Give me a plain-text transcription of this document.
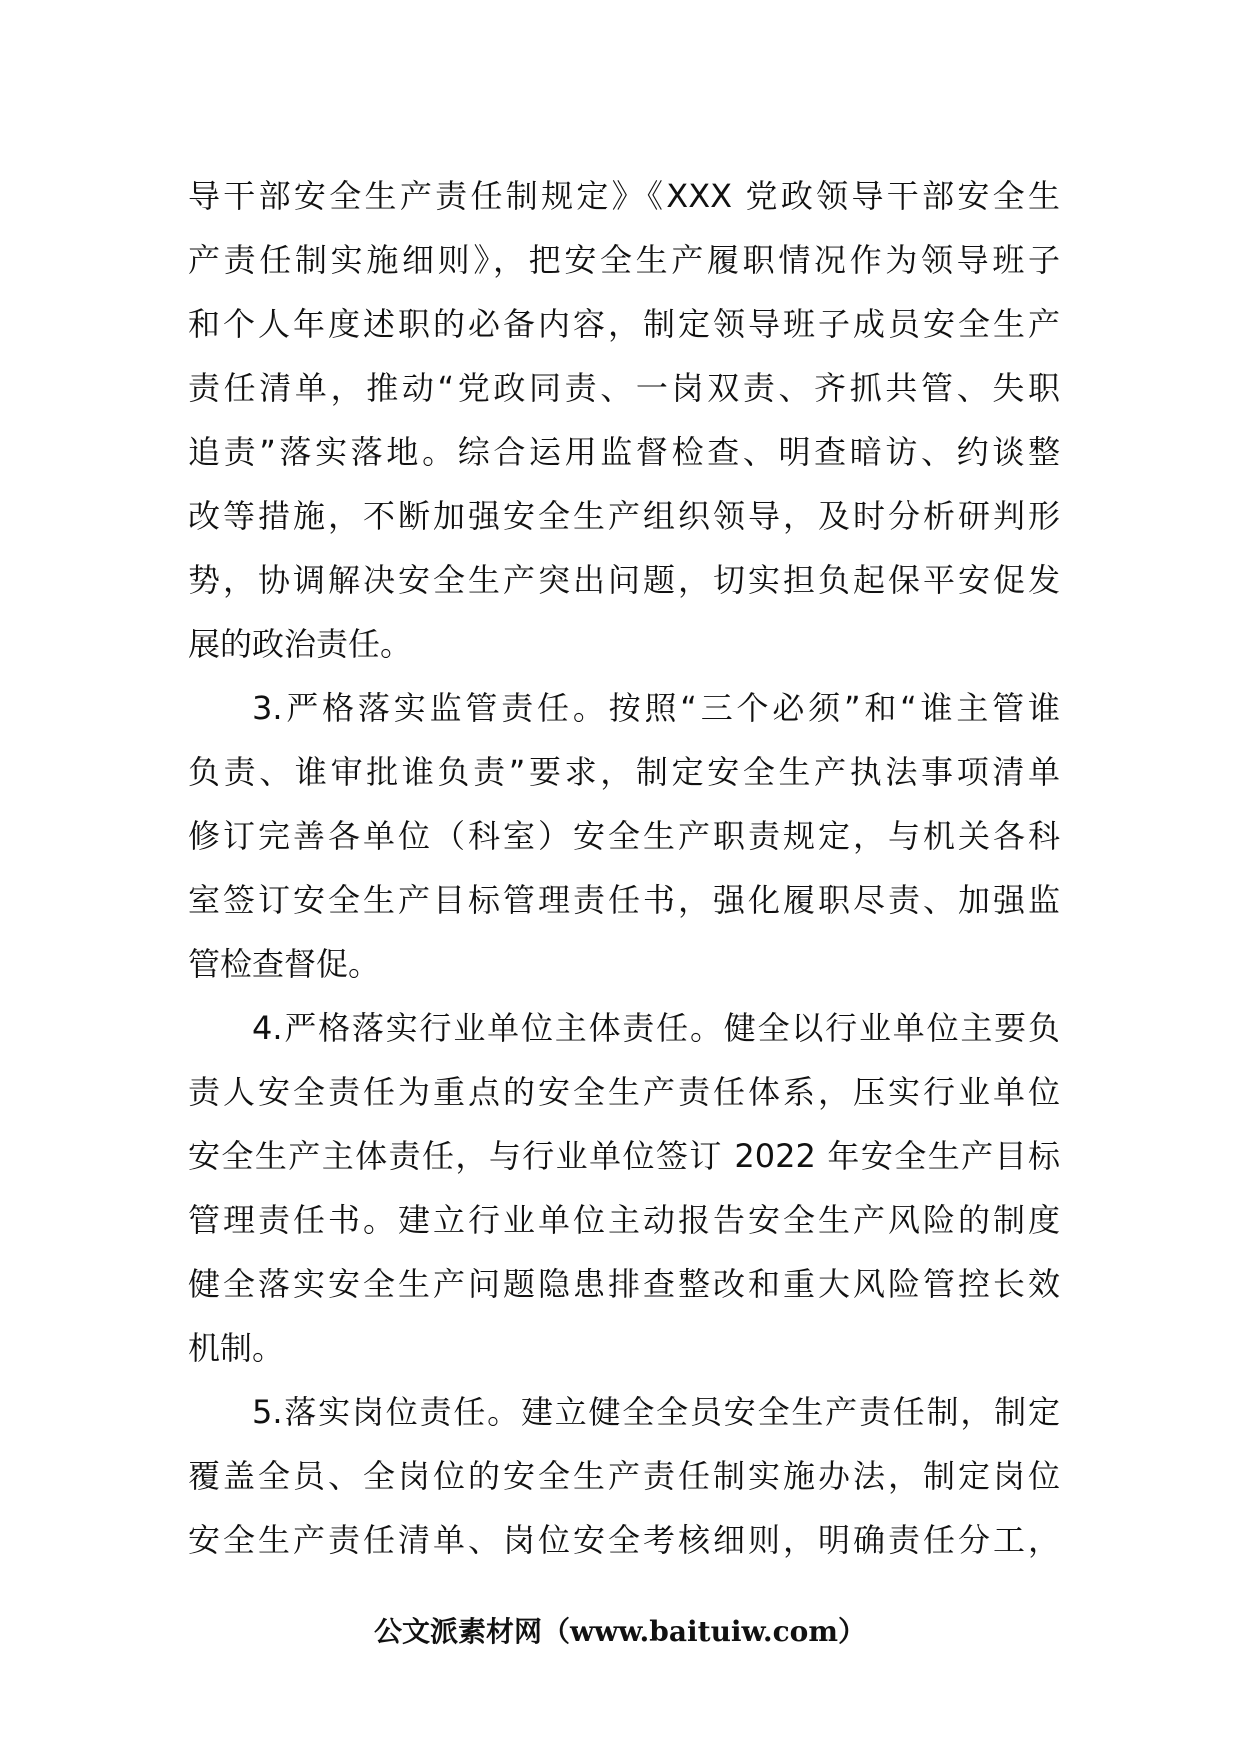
导干部安全生产责任制规定》《XXX 党政领导干部安全生
产责任制实施细则》，把安全生产履职情况作为领导班子
和个人年度述职的必备内容，制定领导班子成员安全生产
责任清单，推动“党政同责、一岗双责、齐抓共管、失职
追责”落实落地。综合运用监督检查、明查暗访、约谈整
改等措施，不断加强安全生产组织领导，及时分析研判形
势，协调解决安全生产突出问题，切实担负起保平安促发
展的政治责任。
3.严格落实监管责任。按照“三个必须”和“谁主管谁
负责、谁审批谁负责”要求，制定安全生产执法事项清单
修订完善各单位（科室）安全生产职责规定，与机关各科
室签订安全生产目标管理责任书，强化履职尽责、加强监
管检查督促。
4.严格落实行业单位主体责任。健全以行业单位主要负
责人安全责任为重点的安全生产责任体系，压实行业单位
安全生产主体责任，与行业单位签订 2022 年安全生产目标
管理责任书。建立行业单位主动报告安全生产风险的制度
健全落实安全生产问题隐患排查整改和重大风险管控长效
机制。
5.落实岗位责任。建立健全全员安全生产责任制，制定
覆盖全员、全岗位的安全生产责任制实施办法，制定岗位
安全生产责任清单、岗位安全考核细则，明确责任分工，
公文派素材网（www.baituiw.com）
